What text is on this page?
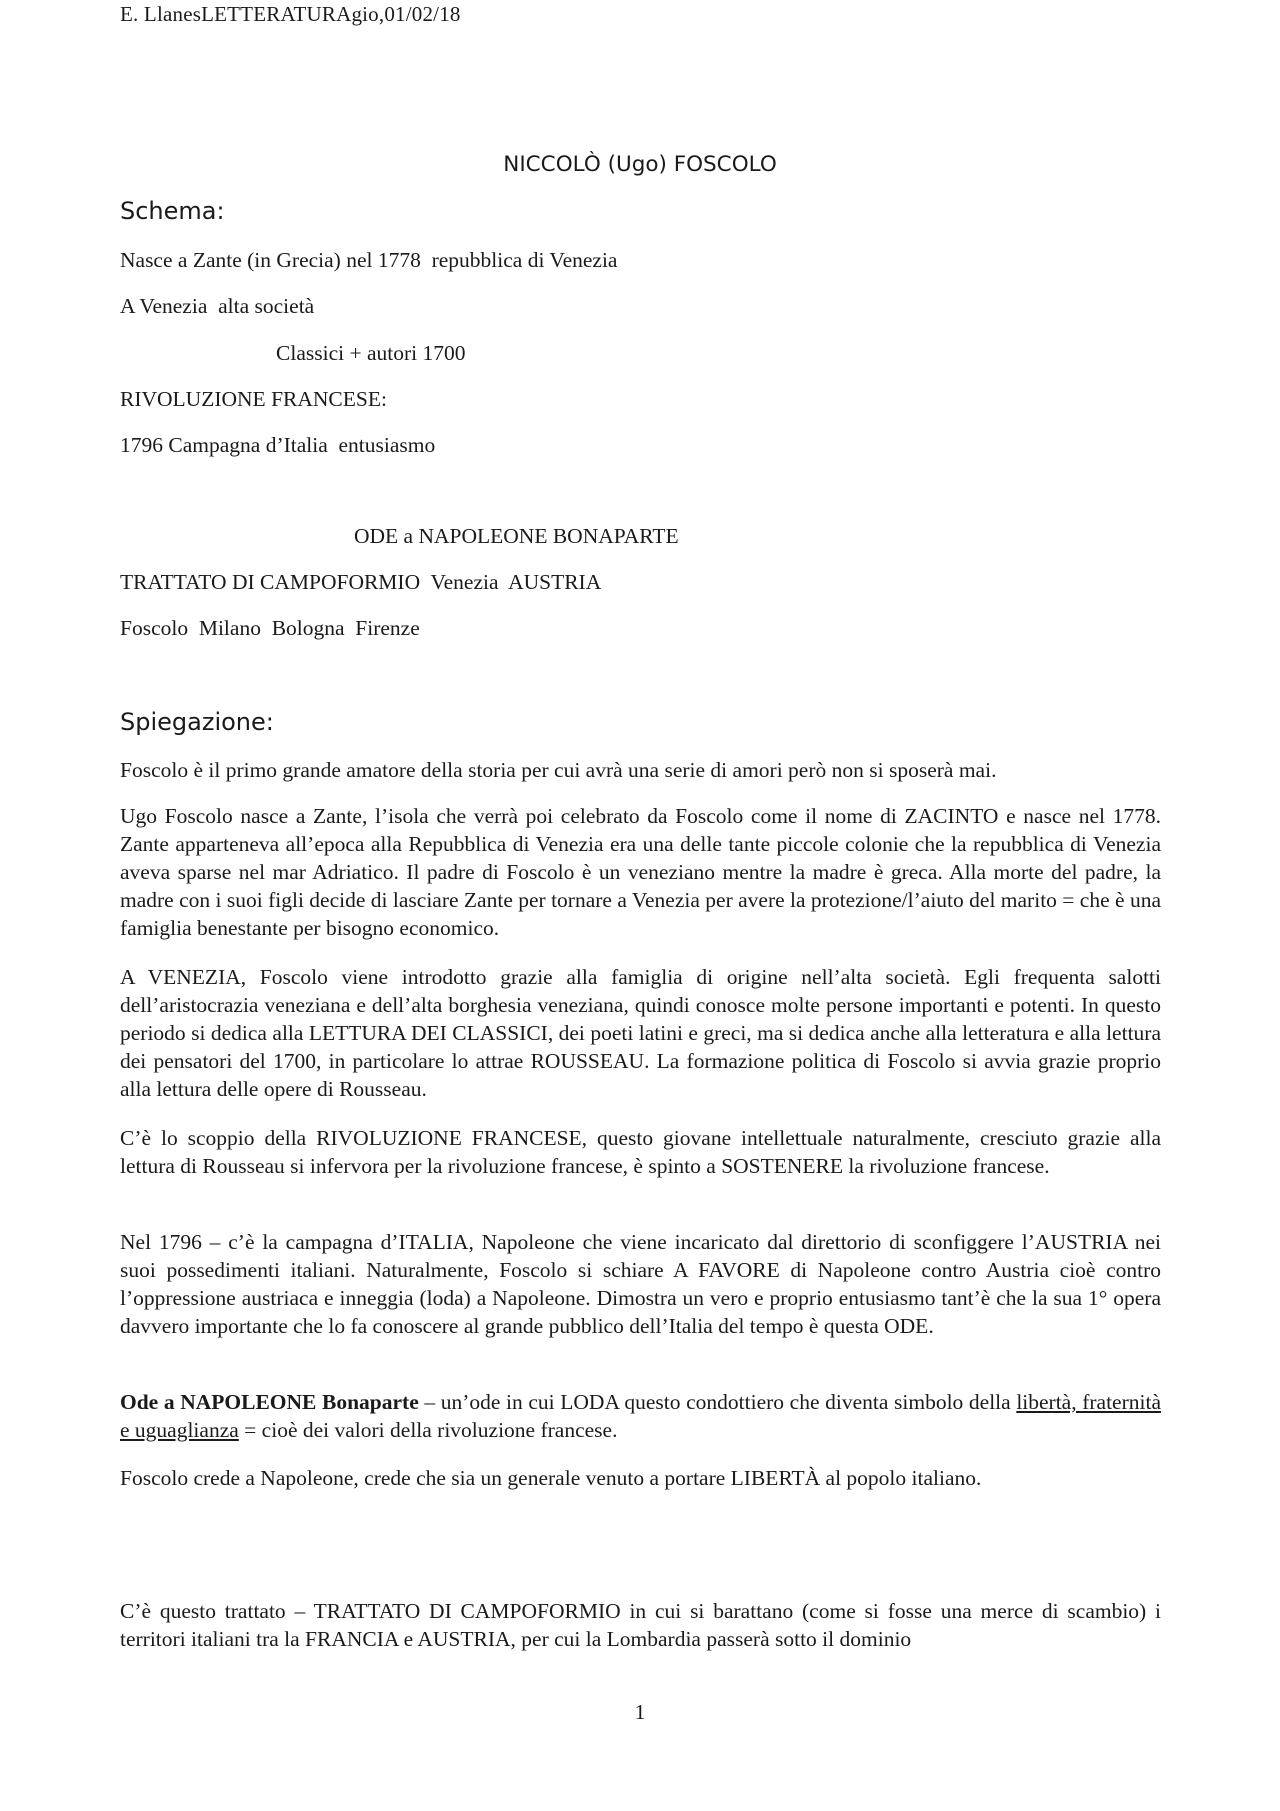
E. LlanesLETTERATURAgio,01/02/18
NICCOLÒ (Ugo) FOSCOLO
Schema:
Nasce a Zante (in Grecia) nel 1778  repubblica di Venezia
A Venezia  alta società
Classici + autori 1700
RIVOLUZIONE FRANCESE:
1796 Campagna d’Italia  entusiasmo
ODE a NAPOLEONE BONAPARTE
TRATTATO DI CAMPOFORMIO  Venezia  AUSTRIA
Foscolo  Milano  Bologna  Firenze
Spiegazione:

Foscolo è il primo grande amatore della storia per cui avrà una serie di amori però non si sposerà mai.

Ugo Foscolo nasce a Zante, l’isola che verrà poi celebrato da Foscolo come il nome di ZACINTO e nasce nel 1778. Zante apparteneva all’epoca alla Repubblica di Venezia era una delle tante piccole colonie che la repubblica di Venezia aveva sparse nel mar Adriatico. Il padre di Foscolo è un veneziano mentre la madre è greca. Alla morte del padre, la madre con i suoi figli decide di lasciare Zante per tornare a Venezia per avere la protezione/l’aiuto del marito = che è una famiglia benestante per bisogno economico.

A VENEZIA, Foscolo viene introdotto grazie alla famiglia di origine nell’alta società. Egli frequenta salotti dell’aristocrazia veneziana e dell’alta borghesia veneziana, quindi conosce molte persone importanti e potenti. In questo periodo si dedica alla LETTURA DEI CLASSICI, dei poeti latini e greci, ma si dedica anche alla letteratura e alla lettura dei pensatori del 1700, in particolare lo attrae ROUSSEAU. La formazione politica di Foscolo si avvia grazie proprio alla lettura delle opere di Rousseau.

C’è lo scoppio della RIVOLUZIONE FRANCESE, questo giovane intellettuale naturalmente, cresciuto grazie alla lettura di Rousseau si infervora per la rivoluzione francese, è spinto a SOSTENERE la rivoluzione francese.

Nel 1796 – c’è la campagna d’ITALIA, Napoleone che viene incaricato dal direttorio di sconfiggere l’AUSTRIA nei suoi possedimenti italiani. Naturalmente, Foscolo si schiare A FAVORE di Napoleone contro Austria cioè contro l’oppressione austriaca e inneggia (loda) a Napoleone. Dimostra un vero e proprio entusiasmo tant’è che la sua 1° opera davvero importante che lo fa conoscere al grande pubblico dell’Italia del tempo è questa ODE.

Ode a NAPOLEONE Bonaparte – un’ode in cui LODA questo condottiero che diventa simbolo della libertà, fraternità e uguaglianza = cioè dei valori della rivoluzione francese.

Foscolo crede a Napoleone, crede che sia un generale venuto a portare LIBERTÀ al popolo italiano.

C’è questo trattato – TRATTATO DI CAMPOFORMIO in cui si barattano (come si fosse una merce di scambio) i territori italiani tra la FRANCIA e AUSTRIA, per cui la Lombardia passerà sotto il dominio

1
